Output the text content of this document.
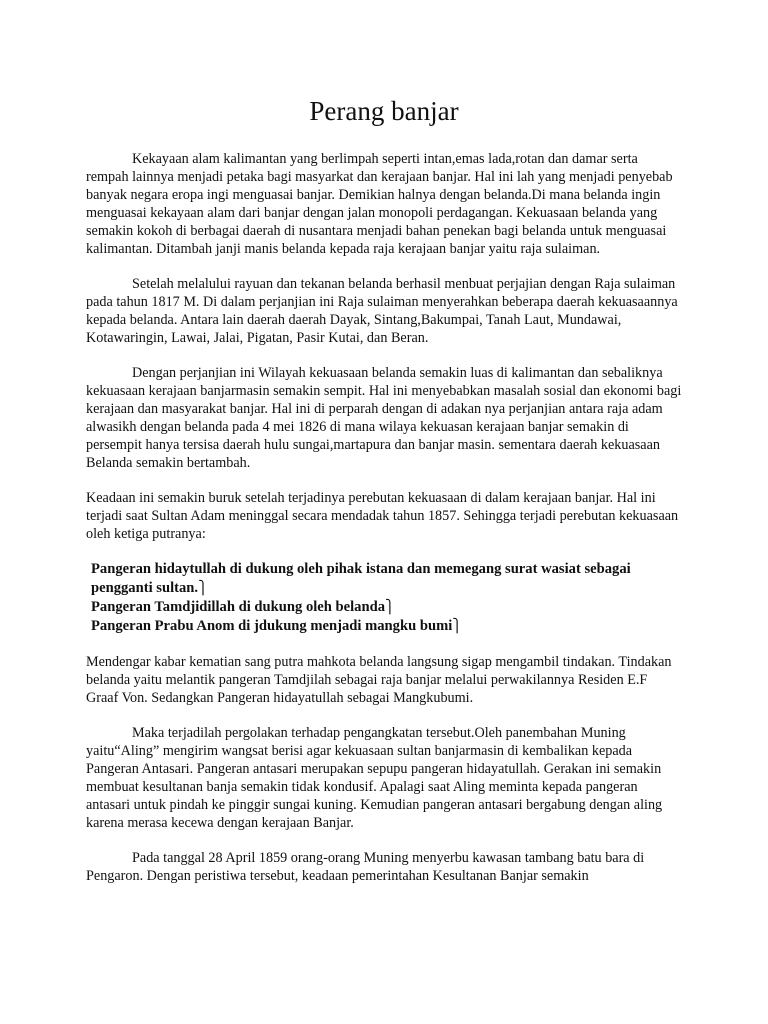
Perang banjar

Kekayaan alam kalimantan yang berlimpah seperti intan,emas lada,rotan dan damar serta rempah lainnya menjadi petaka bagi masyarkat dan kerajaan banjar. Hal ini lah yang menjadi penyebab banyak negara eropa ingi menguasai banjar. Demikian halnya dengan belanda.Di mana belanda ingin menguasai kekayaan alam dari banjar dengan jalan monopoli perdagangan. Kekuasaan belanda yang semakin kokoh di berbagai daerah di nusantara menjadi bahan penekan bagi belanda untuk menguasai kalimantan. Ditambah janji manis belanda kepada raja kerajaan banjar yaitu raja sulaiman.

Setelah melalului rayuan dan tekanan belanda berhasil menbuat perjajian dengan Raja sulaiman pada tahun 1817 M. Di dalam perjanjian ini Raja sulaiman menyerahkan beberapa daerah kekuasaannya kepada belanda. Antara lain daerah daerah Dayak, Sintang,Bakumpai, Tanah Laut, Mundawai, Kotawaringin, Lawai, Jalai, Pigatan, Pasir Kutai, dan Beran.

Dengan perjanjian ini Wilayah kekuasaan belanda semakin luas di kalimantan dan sebaliknya kekuasaan kerajaan banjarmasin semakin sempit. Hal ini menyebabkan masalah sosial dan ekonomi bagi kerajaan dan masyarakat banjar. Hal ini di perparah dengan di adakan nya perjanjian antara raja adam alwasikh dengan belanda pada 4 mei 1826 di mana wilaya kekuasan kerajaan banjar semakin di persempit hanya tersisa daerah hulu sungai,martapura dan banjar masin. sementara daerah kekuasaan Belanda semakin bertambah.

Keadaan ini semakin buruk setelah terjadinya perebutan kekuasaan di dalam kerajaan banjar. Hal ini terjadi saat Sultan Adam meninggal secara mendadak tahun 1857. Sehingga terjadi perebutan kekuasaan oleh ketiga putranya:

Pangeran hidaytullah di dukung oleh pihak istana dan memegang surat wasiat sebagai pengganti sultan.⎫
Pangeran Tamdjidillah di dukung oleh belanda⎫
Pangeran Prabu Anom di jdukung menjadi mangku bumi⎫

Mendengar kabar kematian sang putra mahkota belanda langsung sigap mengambil tindakan. Tindakan belanda yaitu melantik pangeran Tamdjilah sebagai raja banjar melalui perwakilannya Residen E.F Graaf Von. Sedangkan Pangeran hidayatullah sebagai Mangkubumi.

Maka terjadilah pergolakan terhadap pengangkatan tersebut.Oleh panembahan Muning yaitu“Aling” mengirim wangsat berisi agar kekuasaan sultan banjarmasin di kembalikan kepada Pangeran Antasari. Pangeran antasari merupakan sepupu pangeran hidayatullah. Gerakan ini semakin membuat kesultanan banja semakin tidak kondusif. Apalagi saat Aling meminta kepada pangeran antasari untuk pindah ke pinggir sungai kuning. Kemudian pangeran antasari bergabung dengan aling karena merasa kecewa dengan kerajaan Banjar.

Pada tanggal 28 April 1859 orang-orang Muning menyerbu kawasan tambang batu bara di Pengaron. Dengan peristiwa tersebut, keadaan pemerintahan Kesultanan Banjar semakin
